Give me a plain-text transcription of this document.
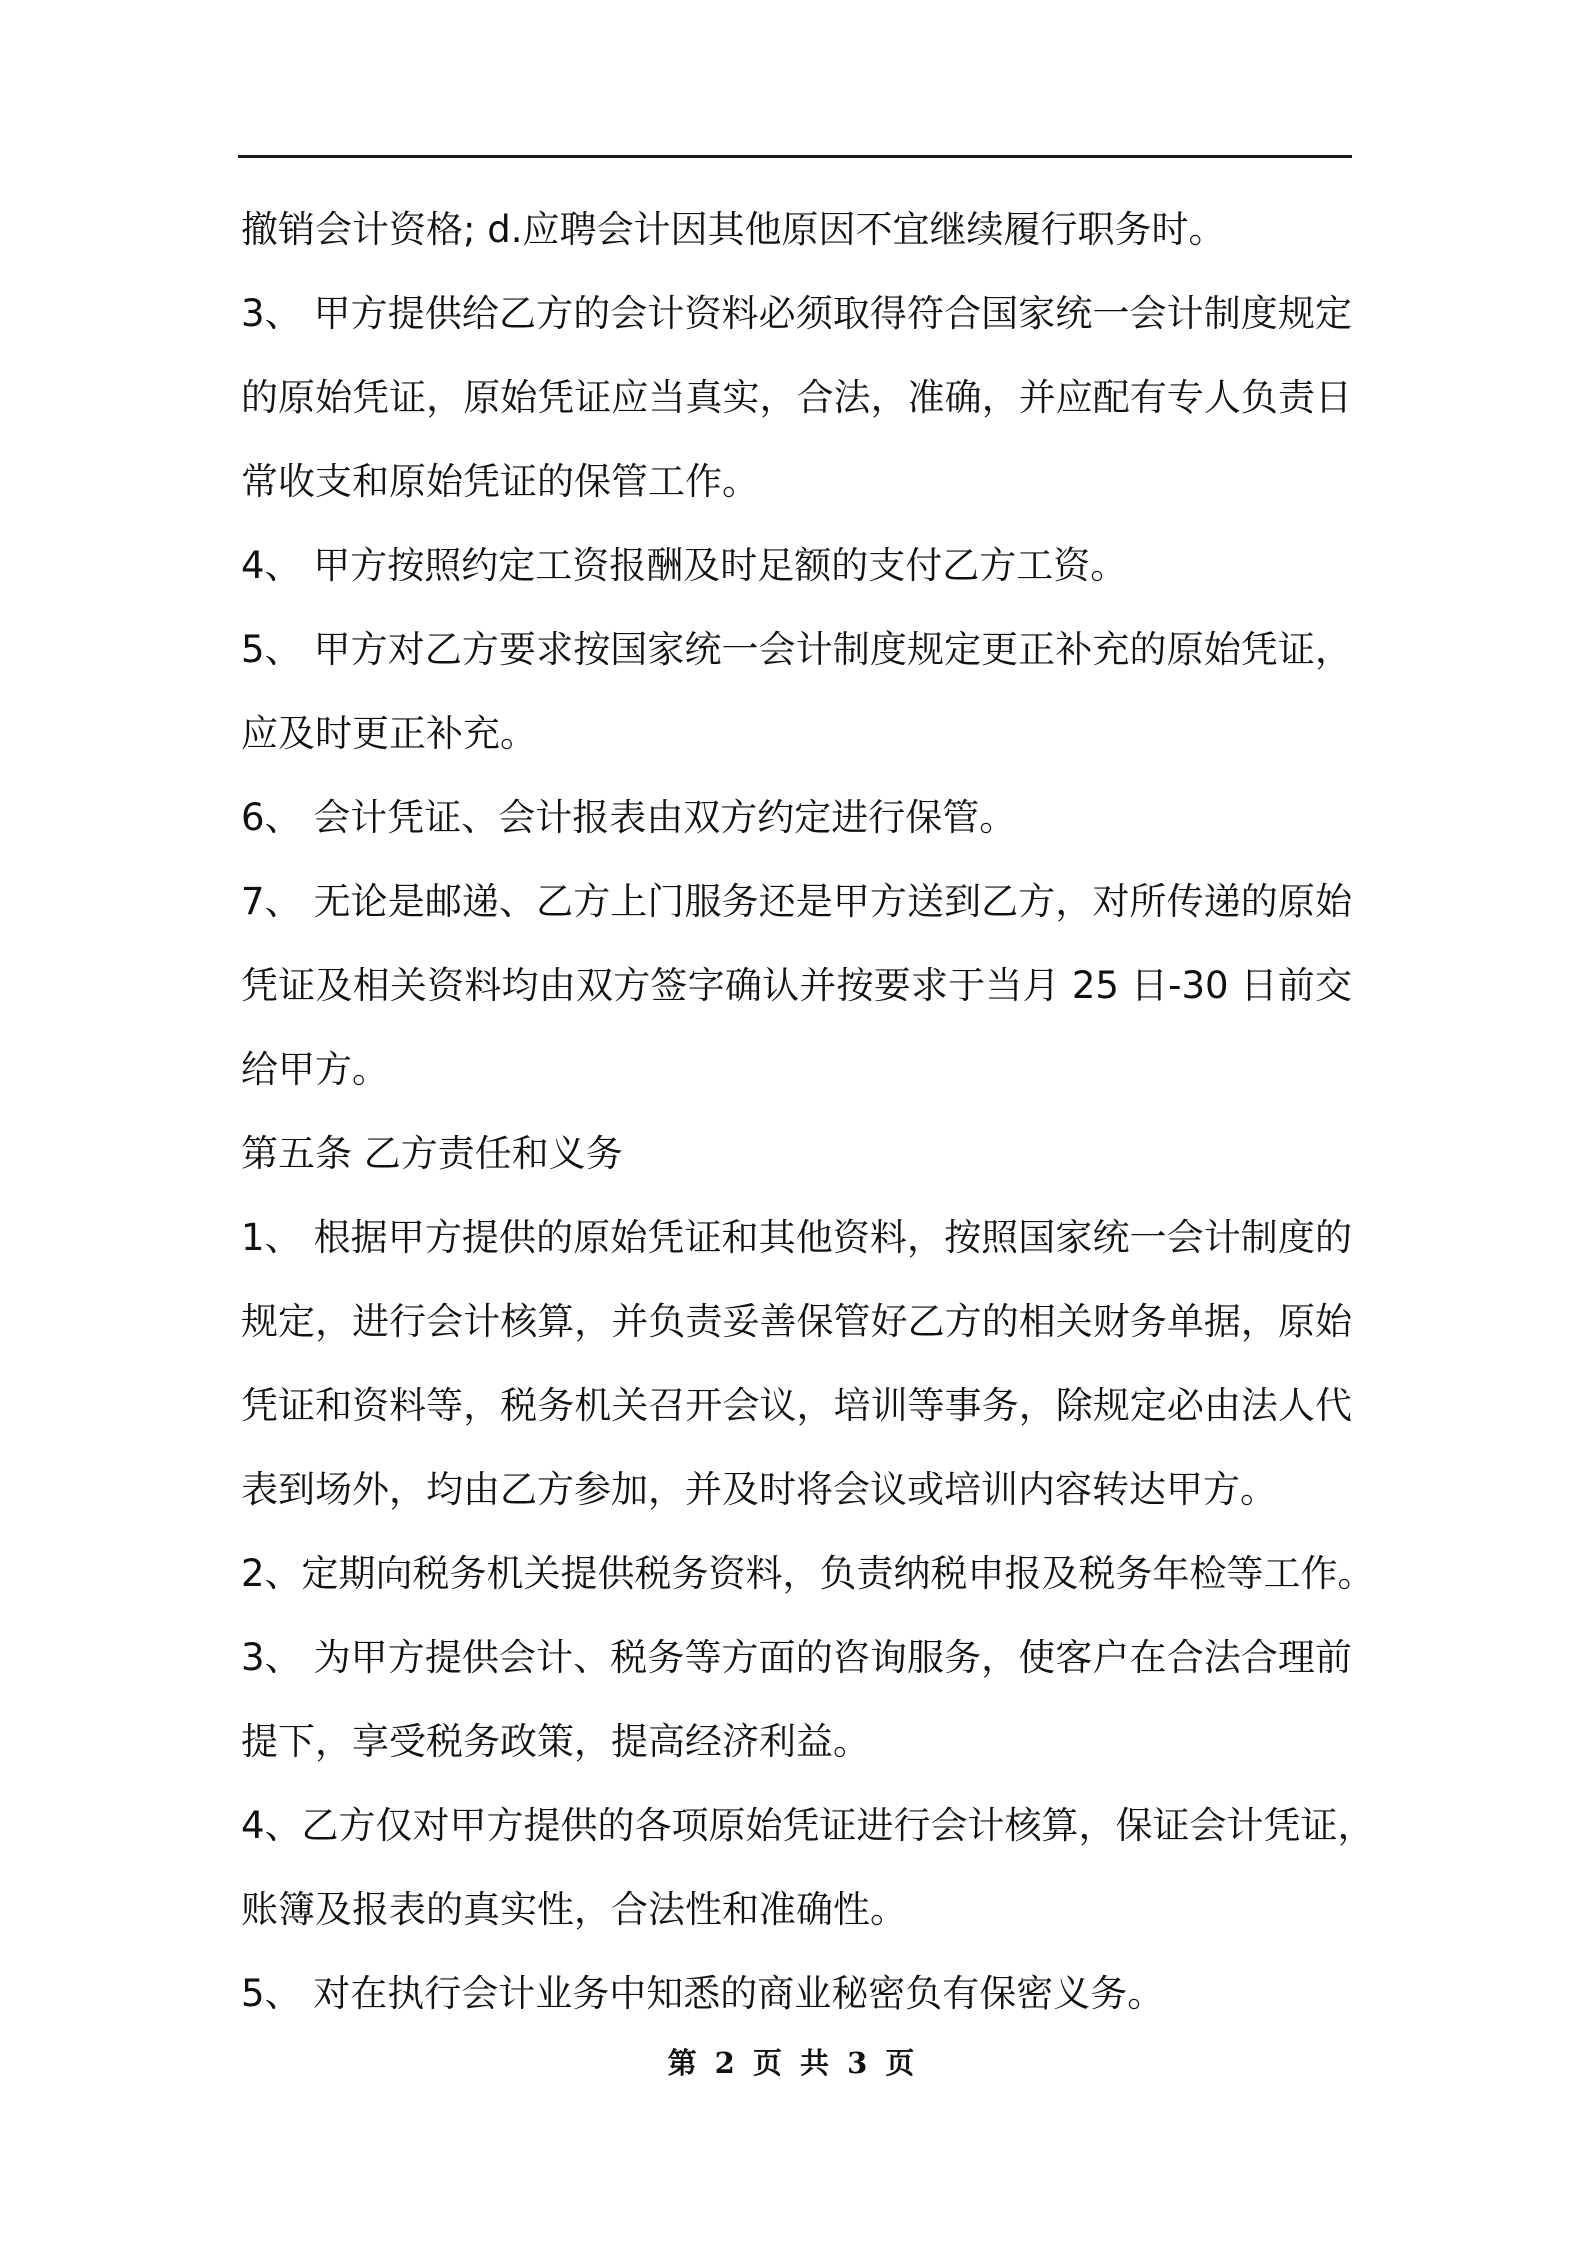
撤销会计资格; d.应聘会计因其他原因不宜继续履行职务时。
3、 甲方提供给乙方的会计资料必须取得符合国家统一会计制度规定
的原始凭证，原始凭证应当真实，合法，准确，并应配有专人负责日
常收支和原始凭证的保管工作。
4、 甲方按照约定工资报酬及时足额的支付乙方工资。
5、 甲方对乙方要求按国家统一会计制度规定更正补充的原始凭证，
应及时更正补充。
6、 会计凭证、会计报表由双方约定进行保管。
7、 无论是邮递、乙方上门服务还是甲方送到乙方，对所传递的原始
凭证及相关资料均由双方签字确认并按要求于当月 25 日-30 日前交
给甲方。
第五条 乙方责任和义务
1、 根据甲方提供的原始凭证和其他资料，按照国家统一会计制度的
规定，进行会计核算，并负责妥善保管好乙方的相关财务单据，原始
凭证和资料等，税务机关召开会议，培训等事务，除规定必由法人代
表到场外，均由乙方参加，并及时将会议或培训内容转达甲方。
2、定期向税务机关提供税务资料，负责纳税申报及税务年检等工作。
3、 为甲方提供会计、税务等方面的咨询服务，使客户在合法合理前
提下，享受税务政策，提高经济利益。
4、乙方仅对甲方提供的各项原始凭证进行会计核算，保证会计凭证，
账簿及报表的真实性，合法性和准确性。
5、 对在执行会计业务中知悉的商业秘密负有保密义务。
第 2 页 共 3 页
